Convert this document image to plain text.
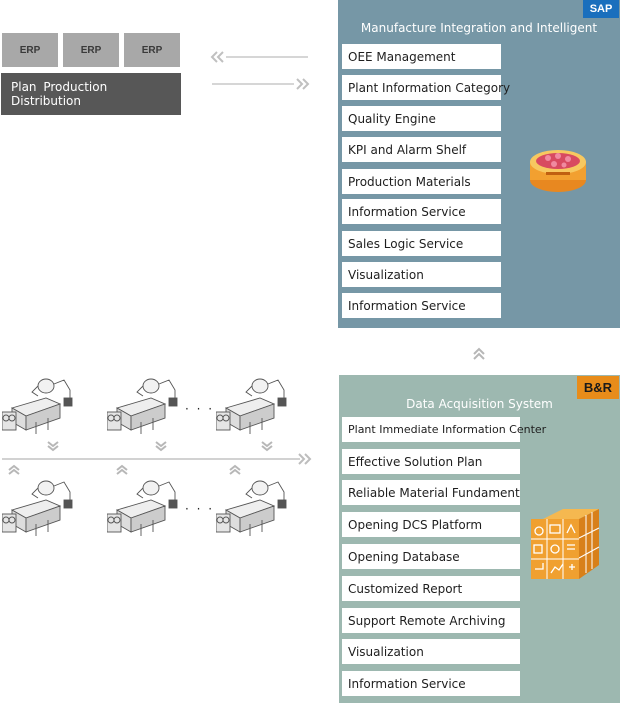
ERP	ERP	ERP
Plan Production Distribution
Manufacture Integration and Intelligent
SAP
OEE Management
Plant Information Category
Quality Engine
KPI and Alarm Shelf
Production Materials
Information Service
Sales Logic Service
Visualization
Information Service
Data Acquisition System
B&R
Plant Immediate Information Center
Effective Solution Plan
Reliable Material Fundament
Opening DCS Platform
Opening Database
Customized Report
Support Remote Archiving
Visualization
Information Service
· · ·
· · ·
